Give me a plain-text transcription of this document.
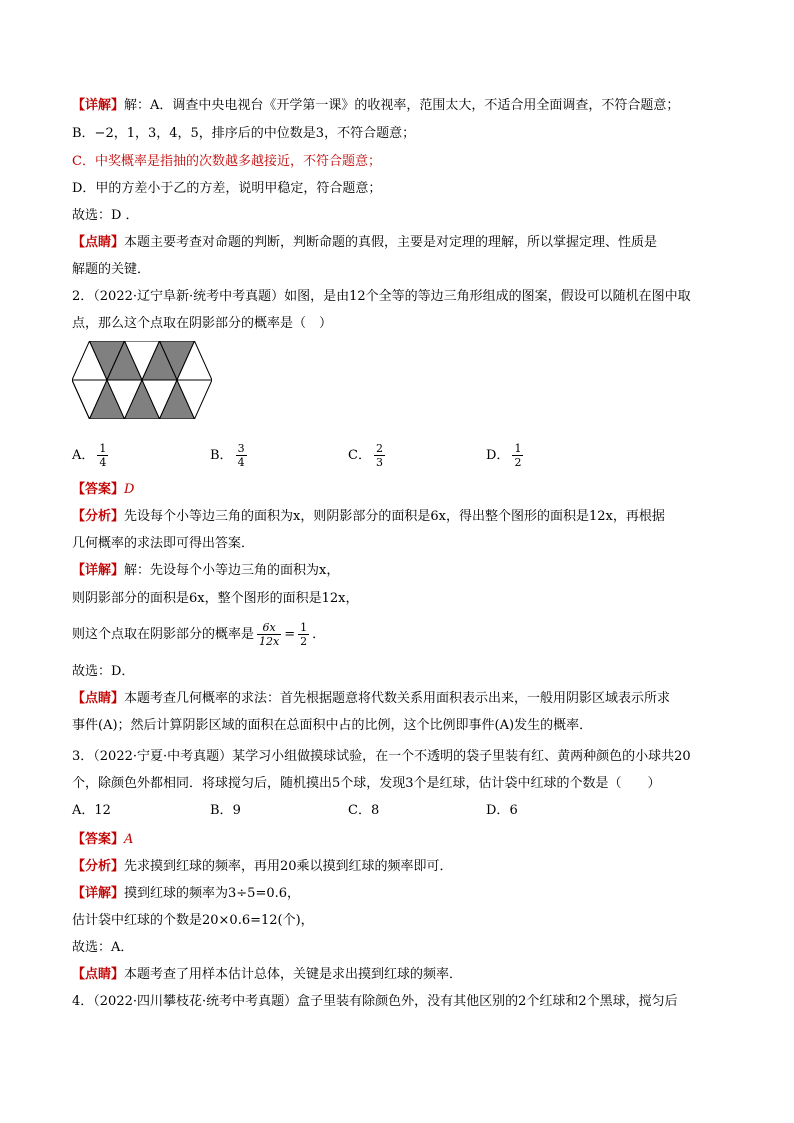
【详解】解：A．调查中央电视台《开学第一课》的收视率，范围太大，不适合用全面调查，不符合题意；
B．−2，1，3，4，5，排序后的中位数是3，不符合题意；
C．中奖概率是指抽的次数越多越接近，不符合题意；
D．甲的方差小于乙的方差，说明甲稳定，符合题意；
故选：D ．
【点睛】本题主要考查对命题的判断，判断命题的真假，主要是对定理的理解，所以掌握定理、性质是
解题的关键．
2．（2022·辽宁阜新·统考中考真题）如图，是由12个全等的等边三角形组成的图案，假设可以随机在图中取
点，那么这个点取在阴影部分的概率是（　）
A． $\frac{1}{4}$	B． $\frac{3}{4}$	C． $\frac{2}{3}$	D． $\frac{1}{2}$
【答案】D
【分析】先设每个小等边三角的面积为x，则阴影部分的面积是6x，得出整个图形的面积是12x，再根据
几何概率的求法即可得出答案．
【详解】解：先设每个小等边三角的面积为x，
则阴影部分的面积是6x，整个图形的面积是12x，
则这个点取在阴影部分的概率是 $\frac{6x}{12x} = \frac{1}{2}$ ．
故选：D．
【点睛】本题考查几何概率的求法：首先根据题意将代数关系用面积表示出来，一般用阴影区域表示所求
事件(A)；然后计算阴影区域的面积在总面积中占的比例，这个比例即事件(A)发生的概率．
3．（2022·宁夏·中考真题）某学习小组做摸球试验，在一个不透明的袋子里装有红、黄两种颜色的小球共20
个，除颜色外都相同．将球搅匀后，随机摸出5个球，发现3个是红球，估计袋中红球的个数是（　　）
A．12	B．9	C．8	D．6
【答案】A
【分析】先求摸到红球的频率，再用20乘以摸到红球的频率即可．
【详解】摸到红球的频率为3÷5=0.6，
估计袋中红球的个数是20×0.6=12(个)，
故选：A．
【点睛】本题考查了用样本估计总体，关键是求出摸到红球的频率．
4．（2022·四川攀枝花·统考中考真题）盒子里装有除颜色外，没有其他区别的2个红球和2个黑球，搅匀后
